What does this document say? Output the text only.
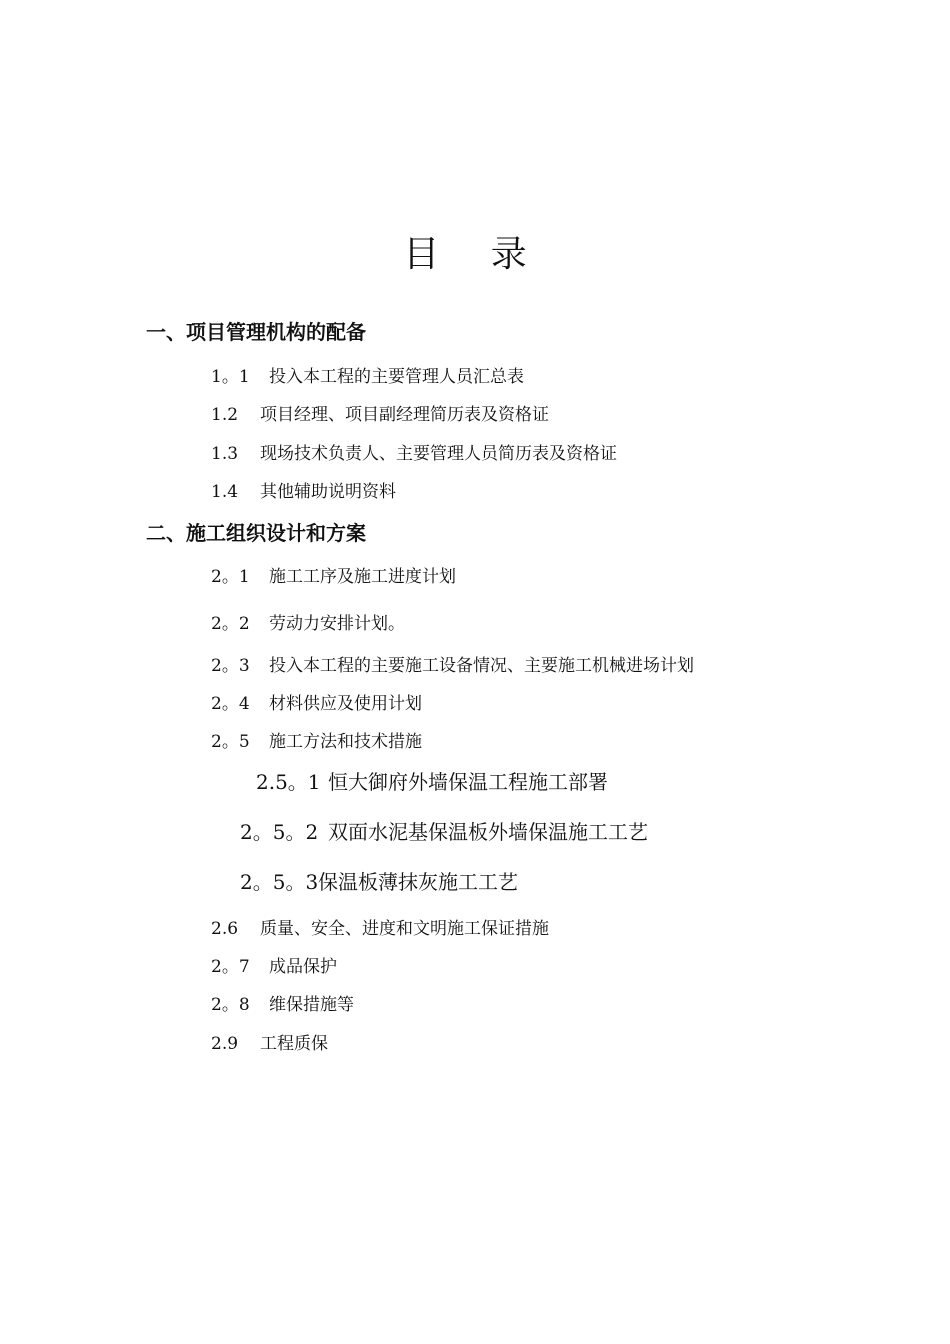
目 录
一、项目管理机构的配备
1。1 投入本工程的主要管理人员汇总表
1.2 项目经理、项目副经理简历表及资格证
1.3 现场技术负责人、主要管理人员简历表及资格证
1.4 其他辅助说明资料
二、施工组织设计和方案
2。1 施工工序及施工进度计划
2。2 劳动力安排计划。
2。3 投入本工程的主要施工设备情况、主要施工机械进场计划
2。4 材料供应及使用计划
2。5 施工方法和技术措施
2.5。1 恒大御府外墙保温工程施工部署
2。5。2 双面水泥基保温板外墙保温施工工艺
2。5。3保温板薄抹灰施工工艺
2.6 质量、安全、进度和文明施工保证措施
2。7 成品保护
2。8 维保措施等
2.9 工程质保
